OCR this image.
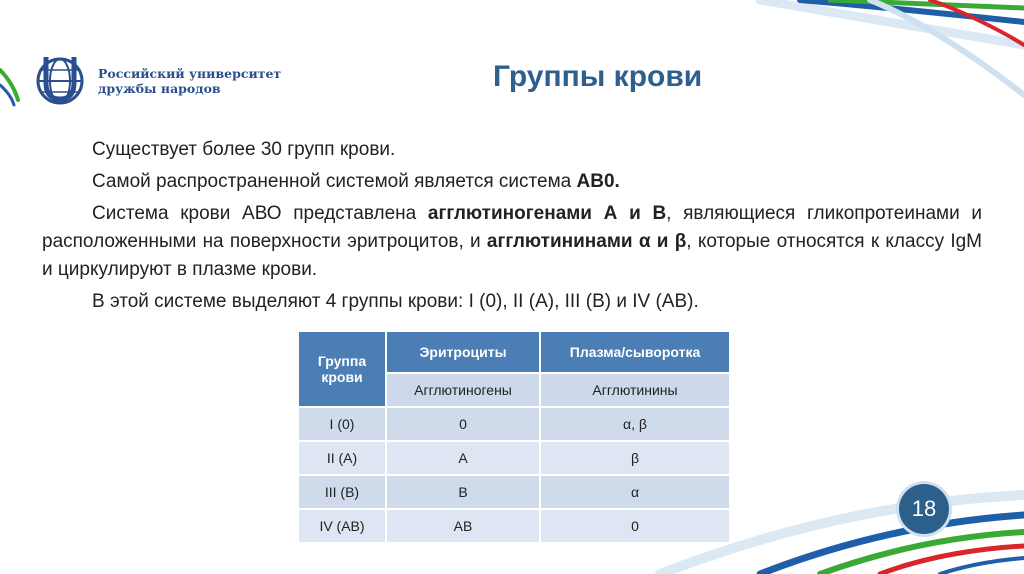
Российский университет
дружбы народов	Группы крови

Существует более 30 групп крови.

Самой распространенной системой является система АВ0.

Система крови АВО представлена агглютиногенами А и В, являющиеся гликопротеинами и расположенными на поверхности эритроцитов, и агглютининами α и β, которые относятся к классу IgM и циркулируют в плазме крови.

В этой системе выделяют 4 группы крови: I (0), II (A), III (B) и IV (AB).

Группа крови	Эритроциты	Плазма/сыворотка
	Агглютиногены	Агглютинины
I (0)	0	α, β
II (A)	A	β
III (B)	B	α
IV (AB)	AB	0
18
